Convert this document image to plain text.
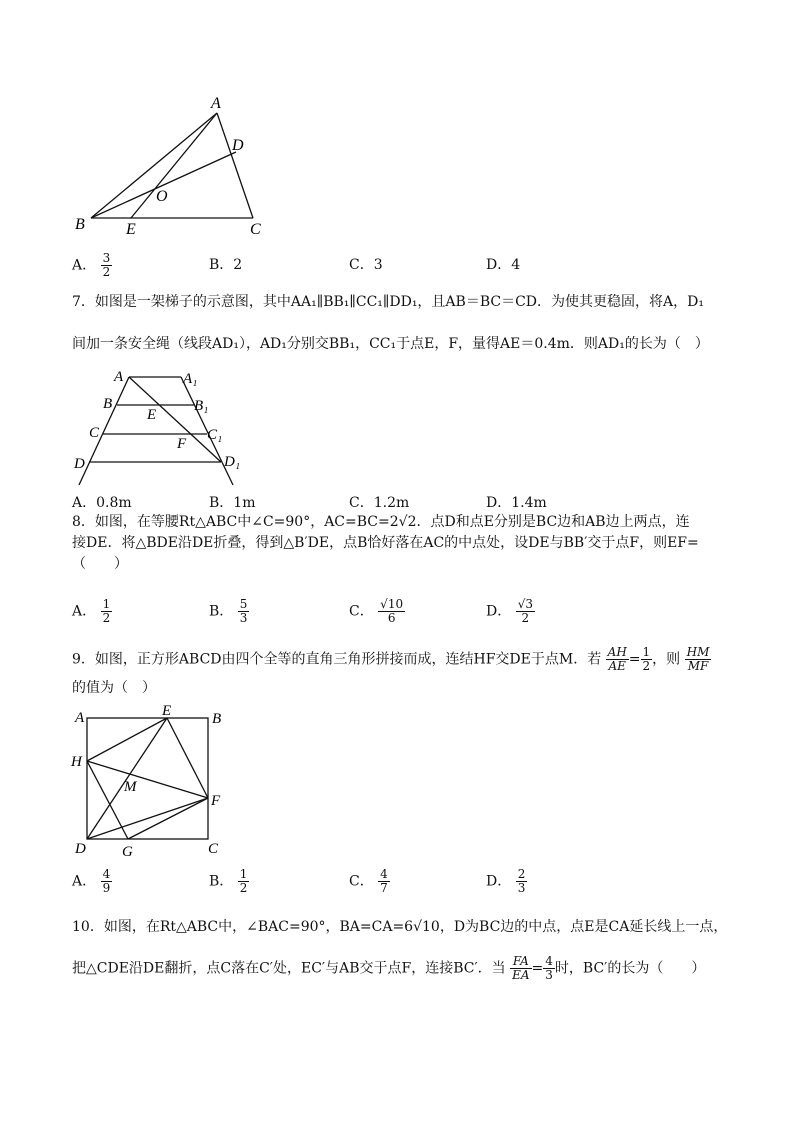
A
D
O
B	E	C
A． $\frac{3}{2}$	B．2	C．3	D．4
7．如图是一架梯子的示意图，其中AA₁∥BB₁∥CC₁∥DD₁，且AB＝BC＝CD．为使其更稳固，将A，D₁
间加一条安全绳（线段AD₁），AD₁分别交BB₁，CC₁于点E，F，量得AE＝0.4m．则AD₁的长为（　）
A	A₁
B	B₁
E
C	C₁
F
D	D₁
A．0.8m	B．1m	C．1.2m	D．1.4m
8．如图，在等腰Rt△ABC中∠C=90°，AC=BC=2√2．点D和点E分别是BC边和AB边上两点，连
接DE．将△BDE沿DE折叠，得到△B′DE，点B恰好落在AC的中点处，设DE与BB′交于点F，则EF=
（　　）
A． $\frac{1}{2}$	B． $\frac{5}{3}$	C． $\frac{√10}{6}$	D． $\frac{√3}{2}$
9．如图，正方形ABCD由四个全等的直角三角形拼接而成，连结HF交DE于点M．若 $\frac{AH}{AE} = \frac{1}{2}$ ，则 $\frac{HM}{MF}$
的值为（　）
A	E	B
H
M
F
D G	C
A． $\frac{4}{9}$	B． $\frac{1}{2}$	C． $\frac{4}{7}$	D． $\frac{2}{3}$
10．如图，在Rt△ABC中，∠BAC=90°，BA=CA=6√10，D为BC边的中点，点E是CA延长线上一点，
把△CDE沿DE翻折，点C落在C′处，EC′与AB交于点F，连接BC′．当 $\frac{FA}{EA} = \frac{4}{3}$ 时，BC′的长为（　　）
